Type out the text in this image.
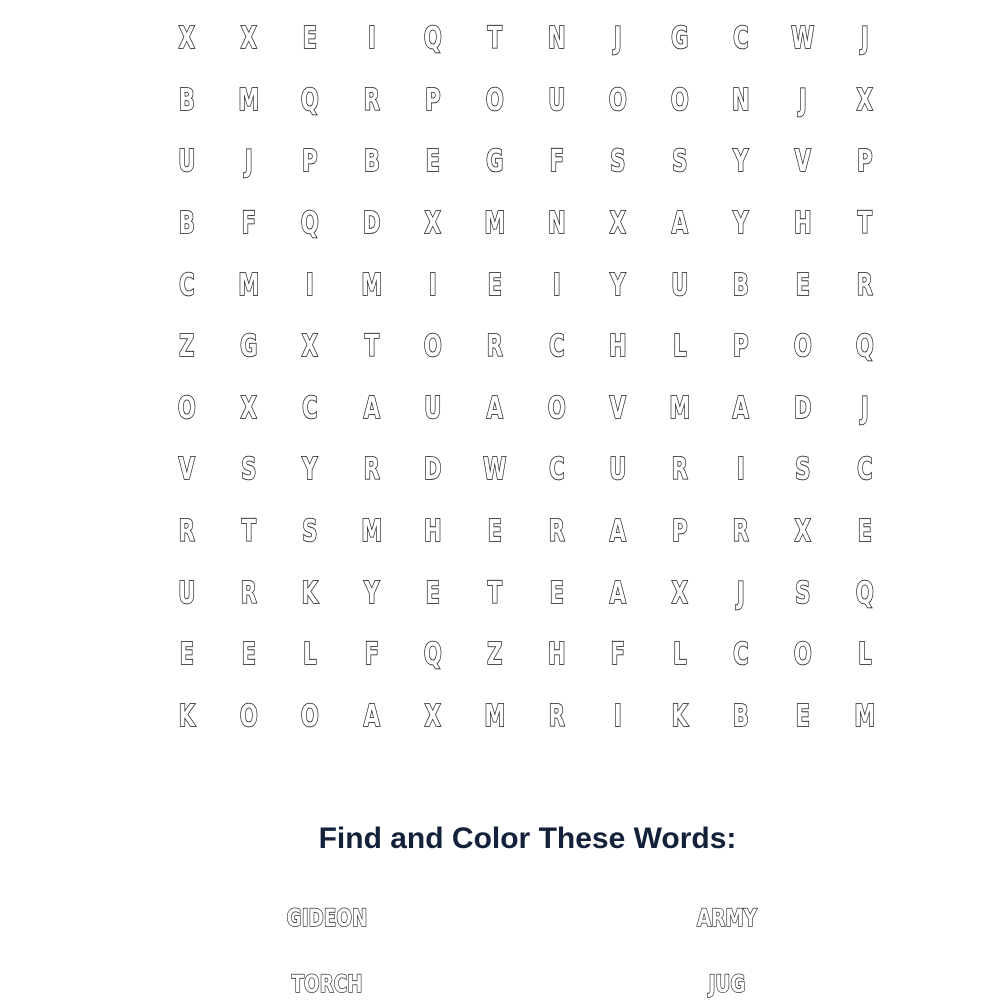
X	X	E	I	Q	T	N	J	G	C	W	J
B	M	Q	R	P	O	U	O	O	N	J	X
U	J	P	B	E	G	F	S	S	Y	V	P
B	F	Q	D	X	M	N	X	A	Y	H	T
C	M	I	M	I	E	I	Y	U	B	E	R
Z	G	X	T	O	R	C	H	L	P	O	Q
O	X	C	A	U	A	O	V	M	A	D	J
V	S	Y	R	D	W	C	U	R	I	S	C
R	T	S	M	H	E	R	A	P	R	X	E
U	R	K	Y	E	T	E	A	X	J	S	Q
E	E	L	F	Q	Z	H	F	L	C	O	L
K	O	O	A	X	M	R	I	K	B	E	M
Find and Color These Words:
GIDEON	ARMY
TORCH	JUG
